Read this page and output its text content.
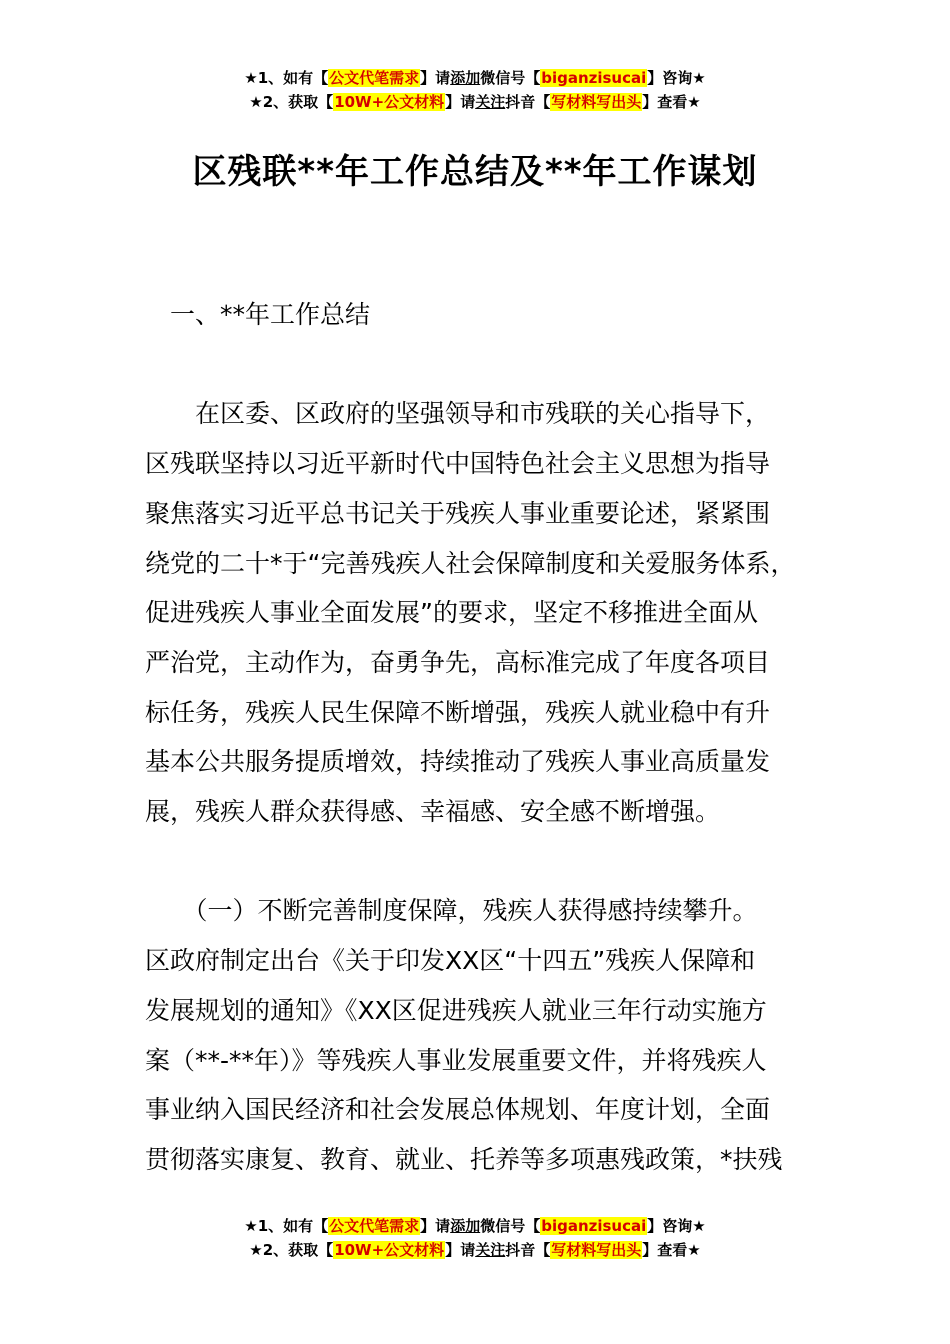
★1、如有【公文代笔需求】请添加微信号【biganzisucai】咨询★
★2、获取【10W+公文材料】请关注抖音【写材料写出头】查看★
区残联**年工作总结及**年工作谋划
　一、**年工作总结
　　在区委、区政府的坚强领导和市残联的关心指导下，
区残联坚持以习近平新时代中国特色社会主义思想为指导
聚焦落实习近平总书记关于残疾人事业重要论述，紧紧围
绕党的二十*于“完善残疾人社会保障制度和关爱服务体系，
促进残疾人事业全面发展”的要求，坚定不移推进全面从
严治党，主动作为，奋勇争先，高标准完成了年度各项目
标任务，残疾人民生保障不断增强，残疾人就业稳中有升
基本公共服务提质增效，持续推动了残疾人事业高质量发
展，残疾人群众获得感、幸福感、安全感不断增强。
　　（一）不断完善制度保障，残疾人获得感持续攀升。
区政府制定出台《关于印发XX区“十四五”残疾人保障和
发展规划的通知》《XX区促进残疾人就业三年行动实施方
案（**-**年）》等残疾人事业发展重要文件，并将残疾人
事业纳入国民经济和社会发展总体规划、年度计划，全面
贯彻落实康复、教育、就业、托养等多项惠残政策，*扶残
★1、如有【公文代笔需求】请添加微信号【biganzisucai】咨询★
★2、获取【10W+公文材料】请关注抖音【写材料写出头】查看★
